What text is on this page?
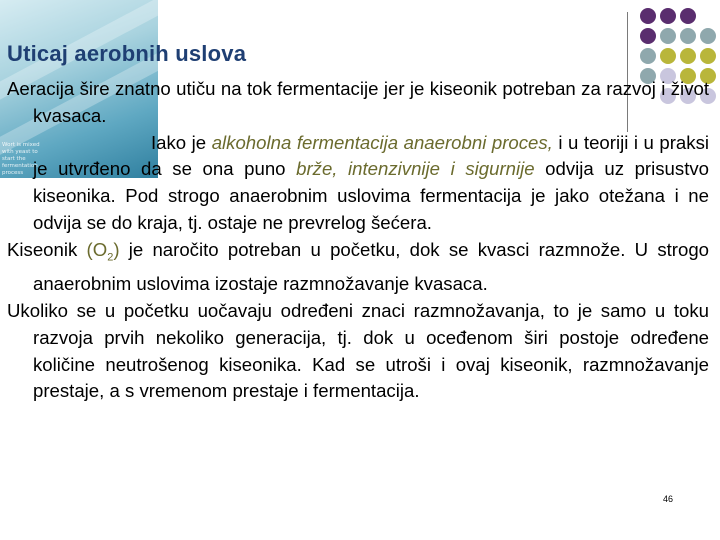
Wort is mixed
with yeast to
start the
fermentation
process
Uticaj aerobnih uslova

Aeracija šire znatno utiču na tok fermentacije jer je kiseonik potreban za razvoj i život kvasaca.

Iako je alkoholna fermentacija anaerobni proces, i u teoriji i u praksi je utvrđeno da se ona puno brže, intenzivnije i sigurnije odvija uz prisustvo kiseonika. Pod strogo anaerobnim uslovima fermentacija je jako otežana i ne odvija se do kraja, tj. ostaje ne prevrelog šećera.

Kiseonik $(O_2)$ je naročito potreban u početku, dok se kvasci razmnože. U strogo anaerobnim uslovima izostaje razmnožavanje kvasaca.

Ukoliko se u početku uočavaju određeni znaci razmnožavanja, to je samo u toku razvoja prvih nekoliko generacija, tj. dok u oceđenom širi postoje određene količine neutrošenog kiseonika. Kad se utroši i ovaj kiseonik, razmnožavanje prestaje, a s vremenom prestaje i fermentacija.

46
